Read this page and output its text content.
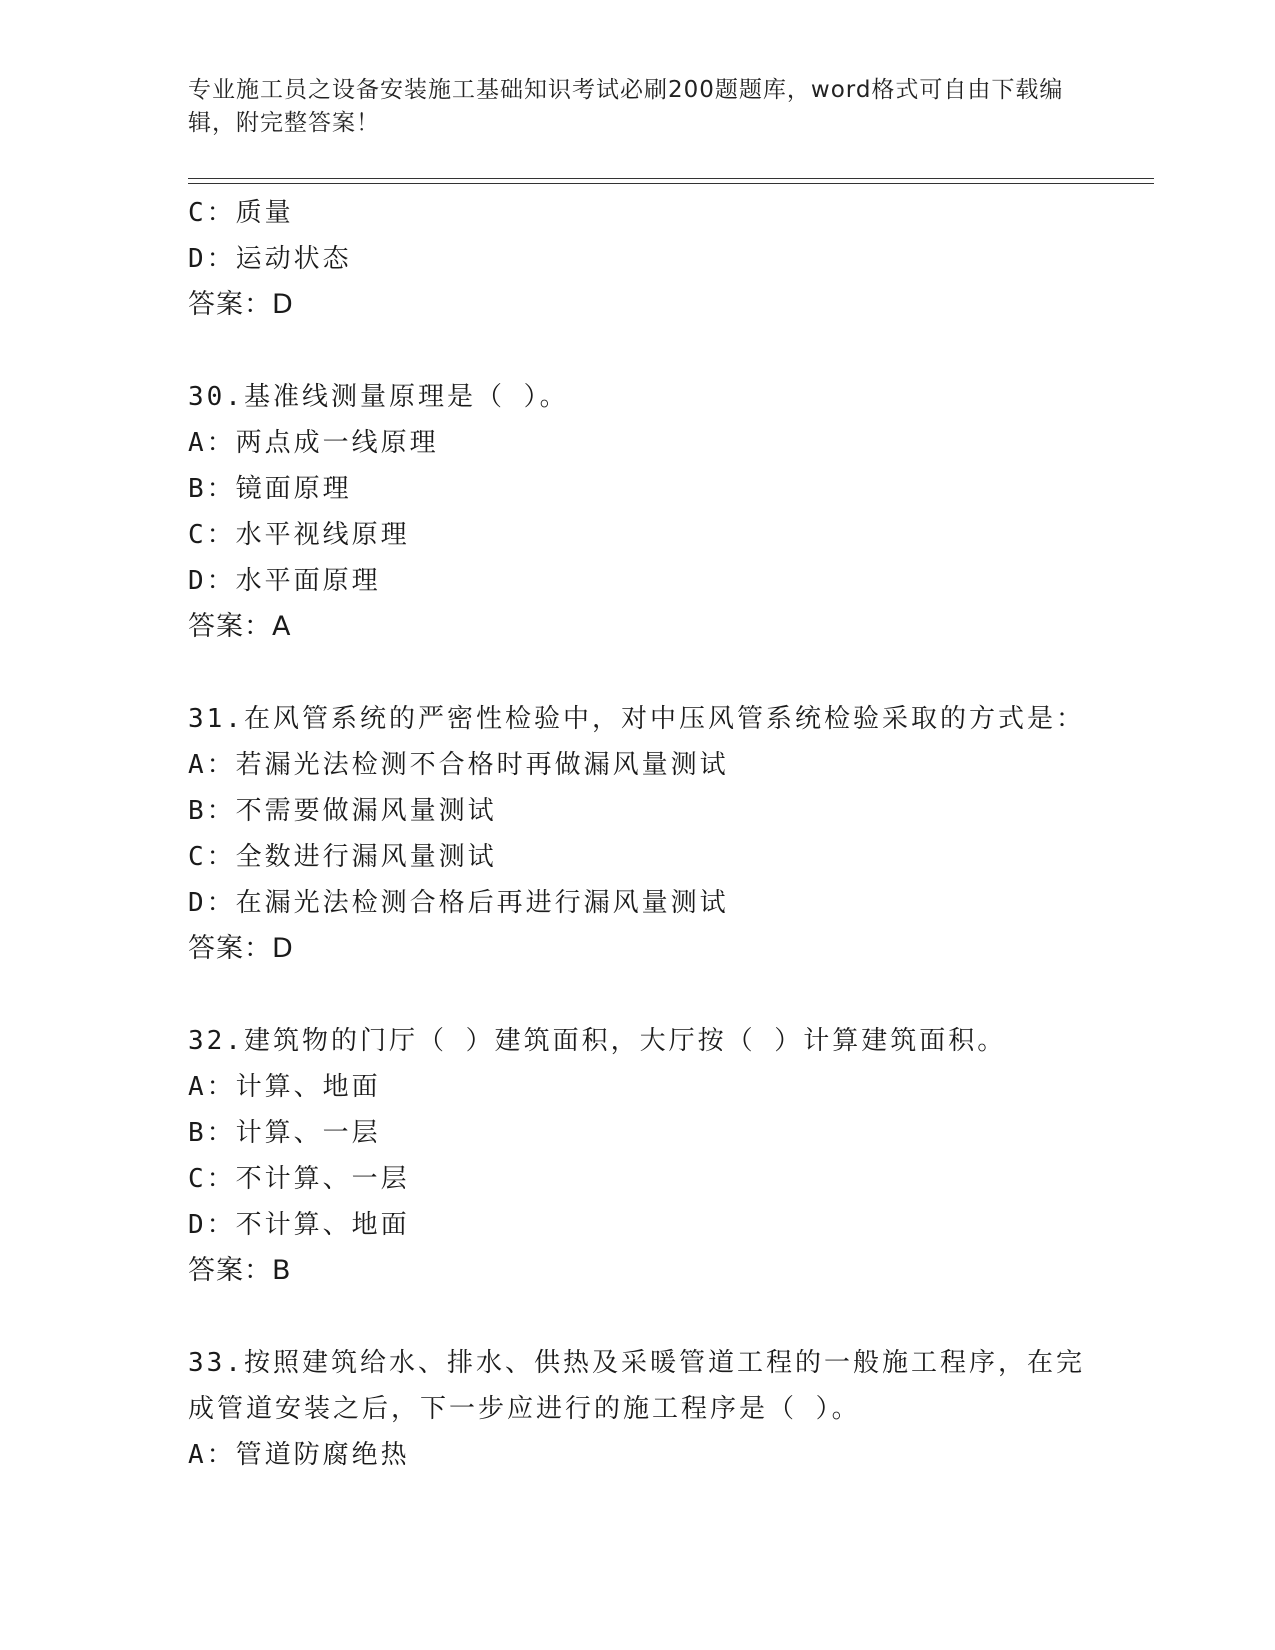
专业施工员之设备安装施工基础知识考试必刷200题题库，word格式可自由下载编辑，附完整答案！
C：质量
D：运动状态
答案：D
30.基准线测量原理是（ ）。
A：两点成一线原理
B：镜面原理
C：水平视线原理
D：水平面原理
答案：A
31.在风管系统的严密性检验中，对中压风管系统检验采取的方式是：
A：若漏光法检测不合格时再做漏风量测试
B：不需要做漏风量测试
C：全数进行漏风量测试
D：在漏光法检测合格后再进行漏风量测试
答案：D
32.建筑物的门厅（ ）建筑面积，大厅按（ ）计算建筑面积。
A：计算、地面
B：计算、一层
C：不计算、一层
D：不计算、地面
答案：B
33.按照建筑给水、排水、供热及采暖管道工程的一般施工程序，在完成管道安装之后，下一步应进行的施工程序是（ ）。
A：管道防腐绝热
